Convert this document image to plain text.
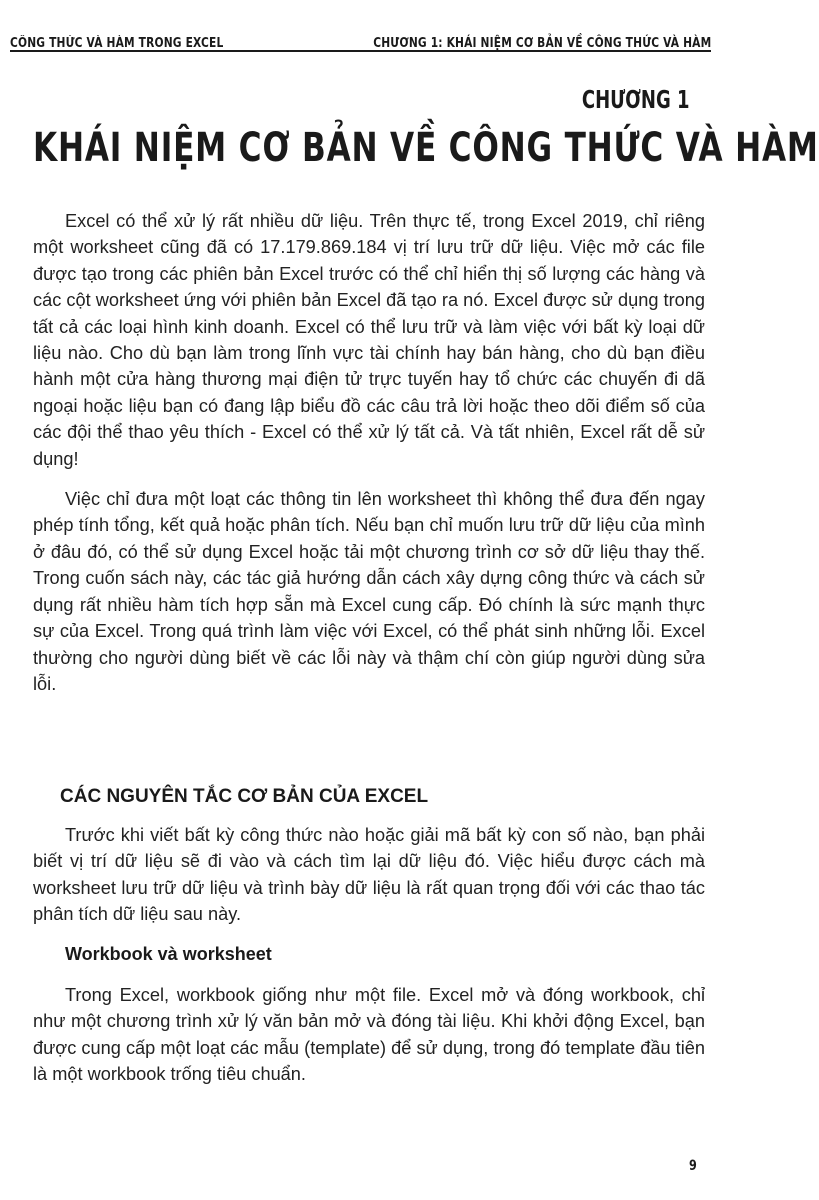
CÔNG THỨC VÀ HÀM TRONG EXCEL	CHƯƠNG 1: KHÁI NIỆM CƠ BẢN VỀ CÔNG THỨC VÀ HÀM
CHƯƠNG 1
KHÁI NIỆM CƠ BẢN VỀ CÔNG THỨC VÀ HÀM

Excel có thể xử lý rất nhiều dữ liệu. Trên thực tế, trong Excel 2019, chỉ riêng một worksheet cũng đã có 17.179.869.184 vị trí lưu trữ dữ liệu. Việc mở các file được tạo trong các phiên bản Excel trước có thể chỉ hiển thị số lượng các hàng và các cột worksheet ứng với phiên bản Excel đã tạo ra nó. Excel được sử dụng trong tất cả các loại hình kinh doanh. Excel có thể lưu trữ và làm việc với bất kỳ loại dữ liệu nào. Cho dù bạn làm trong lĩnh vực tài chính hay bán hàng, cho dù bạn điều hành một cửa hàng thương mại điện tử trực tuyến hay tổ chức các chuyến đi dã ngoại hoặc liệu bạn có đang lập biểu đồ các câu trả lời hoặc theo dõi điểm số của các đội thể thao yêu thích - Excel có thể xử lý tất cả. Và tất nhiên, Excel rất dễ sử dụng!

Việc chỉ đưa một loạt các thông tin lên worksheet thì không thể đưa đến ngay phép tính tổng, kết quả hoặc phân tích. Nếu bạn chỉ muốn lưu trữ dữ liệu của mình ở đâu đó, có thể sử dụng Excel hoặc tải một chương trình cơ sở dữ liệu thay thế. Trong cuốn sách này, các tác giả hướng dẫn cách xây dựng công thức và cách sử dụng rất nhiều hàm tích hợp sẵn mà Excel cung cấp. Đó chính là sức mạnh thực sự của Excel. Trong quá trình làm việc với Excel, có thể phát sinh những lỗi. Excel thường cho người dùng biết về các lỗi này và thậm chí còn giúp người dùng sửa lỗi.

CÁC NGUYÊN TẮC CƠ BẢN CỦA EXCEL

Trước khi viết bất kỳ công thức nào hoặc giải mã bất kỳ con số nào, bạn phải biết vị trí dữ liệu sẽ đi vào và cách tìm lại dữ liệu đó. Việc hiểu được cách mà worksheet lưu trữ dữ liệu và trình bày dữ liệu là rất quan trọng đối với các thao tác phân tích dữ liệu sau này.

Workbook và worksheet

Trong Excel, workbook giống như một file. Excel mở và đóng workbook, chỉ như một chương trình xử lý văn bản mở và đóng tài liệu. Khi khởi động Excel, bạn được cung cấp một loạt các mẫu (template) để sử dụng, trong đó template đầu tiên là một workbook trống tiêu chuẩn.

9
